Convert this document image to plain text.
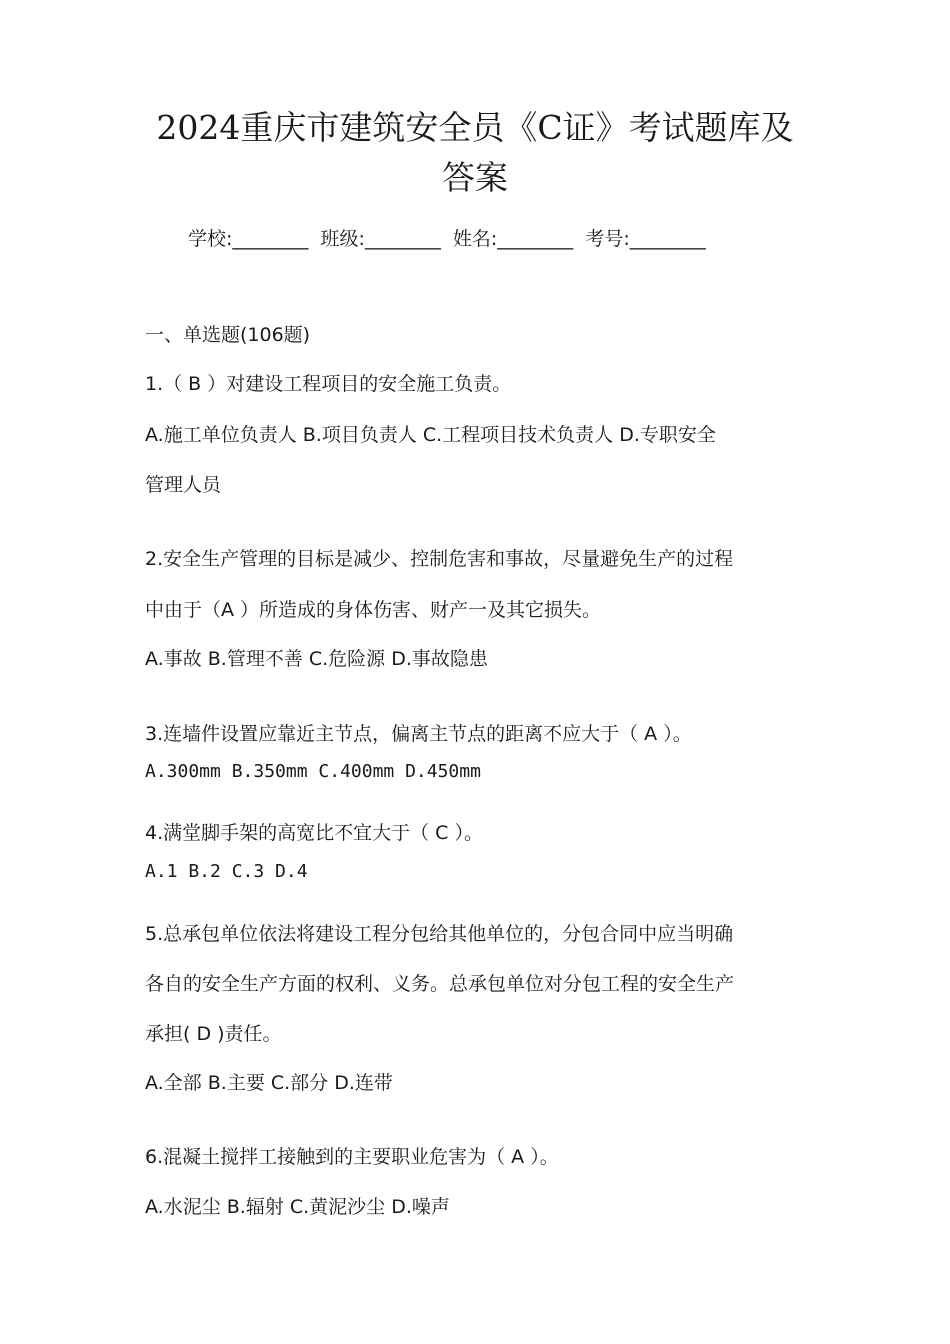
2024重庆市建筑安全员《C证》考试题库及
答案
学校:________ 班级:________ 姓名:________ 考号:________
一、单选题(106题)
1.（ B ）对建设工程项目的安全施工负责。
A.施工单位负责人 B.项目负责人 C.工程项目技术负责人 D.专职安全
管理人员
2.安全生产管理的目标是减少、控制危害和事故，尽量避免生产的过程
中由于（A ）所造成的身体伤害、财产一及其它损失。
A.事故 B.管理不善 C.危险源 D.事故隐患
3.连墙件设置应靠近主节点，偏离主节点的距离不应大于（ A ）。
A.300mm B.350mm C.400mm D.450mm
4.满堂脚手架的高宽比不宜大于（ C ）。
A.1 B.2 C.3 D.4
5.总承包单位依法将建设工程分包给其他单位的，分包合同中应当明确
各自的安全生产方面的权利、义务。总承包单位对分包工程的安全生产
承担( D )责任。
A.全部 B.主要 C.部分 D.连带
6.混凝土搅拌工接触到的主要职业危害为（ A ）。
A.水泥尘 B.辐射 C.黄泥沙尘 D.噪声
